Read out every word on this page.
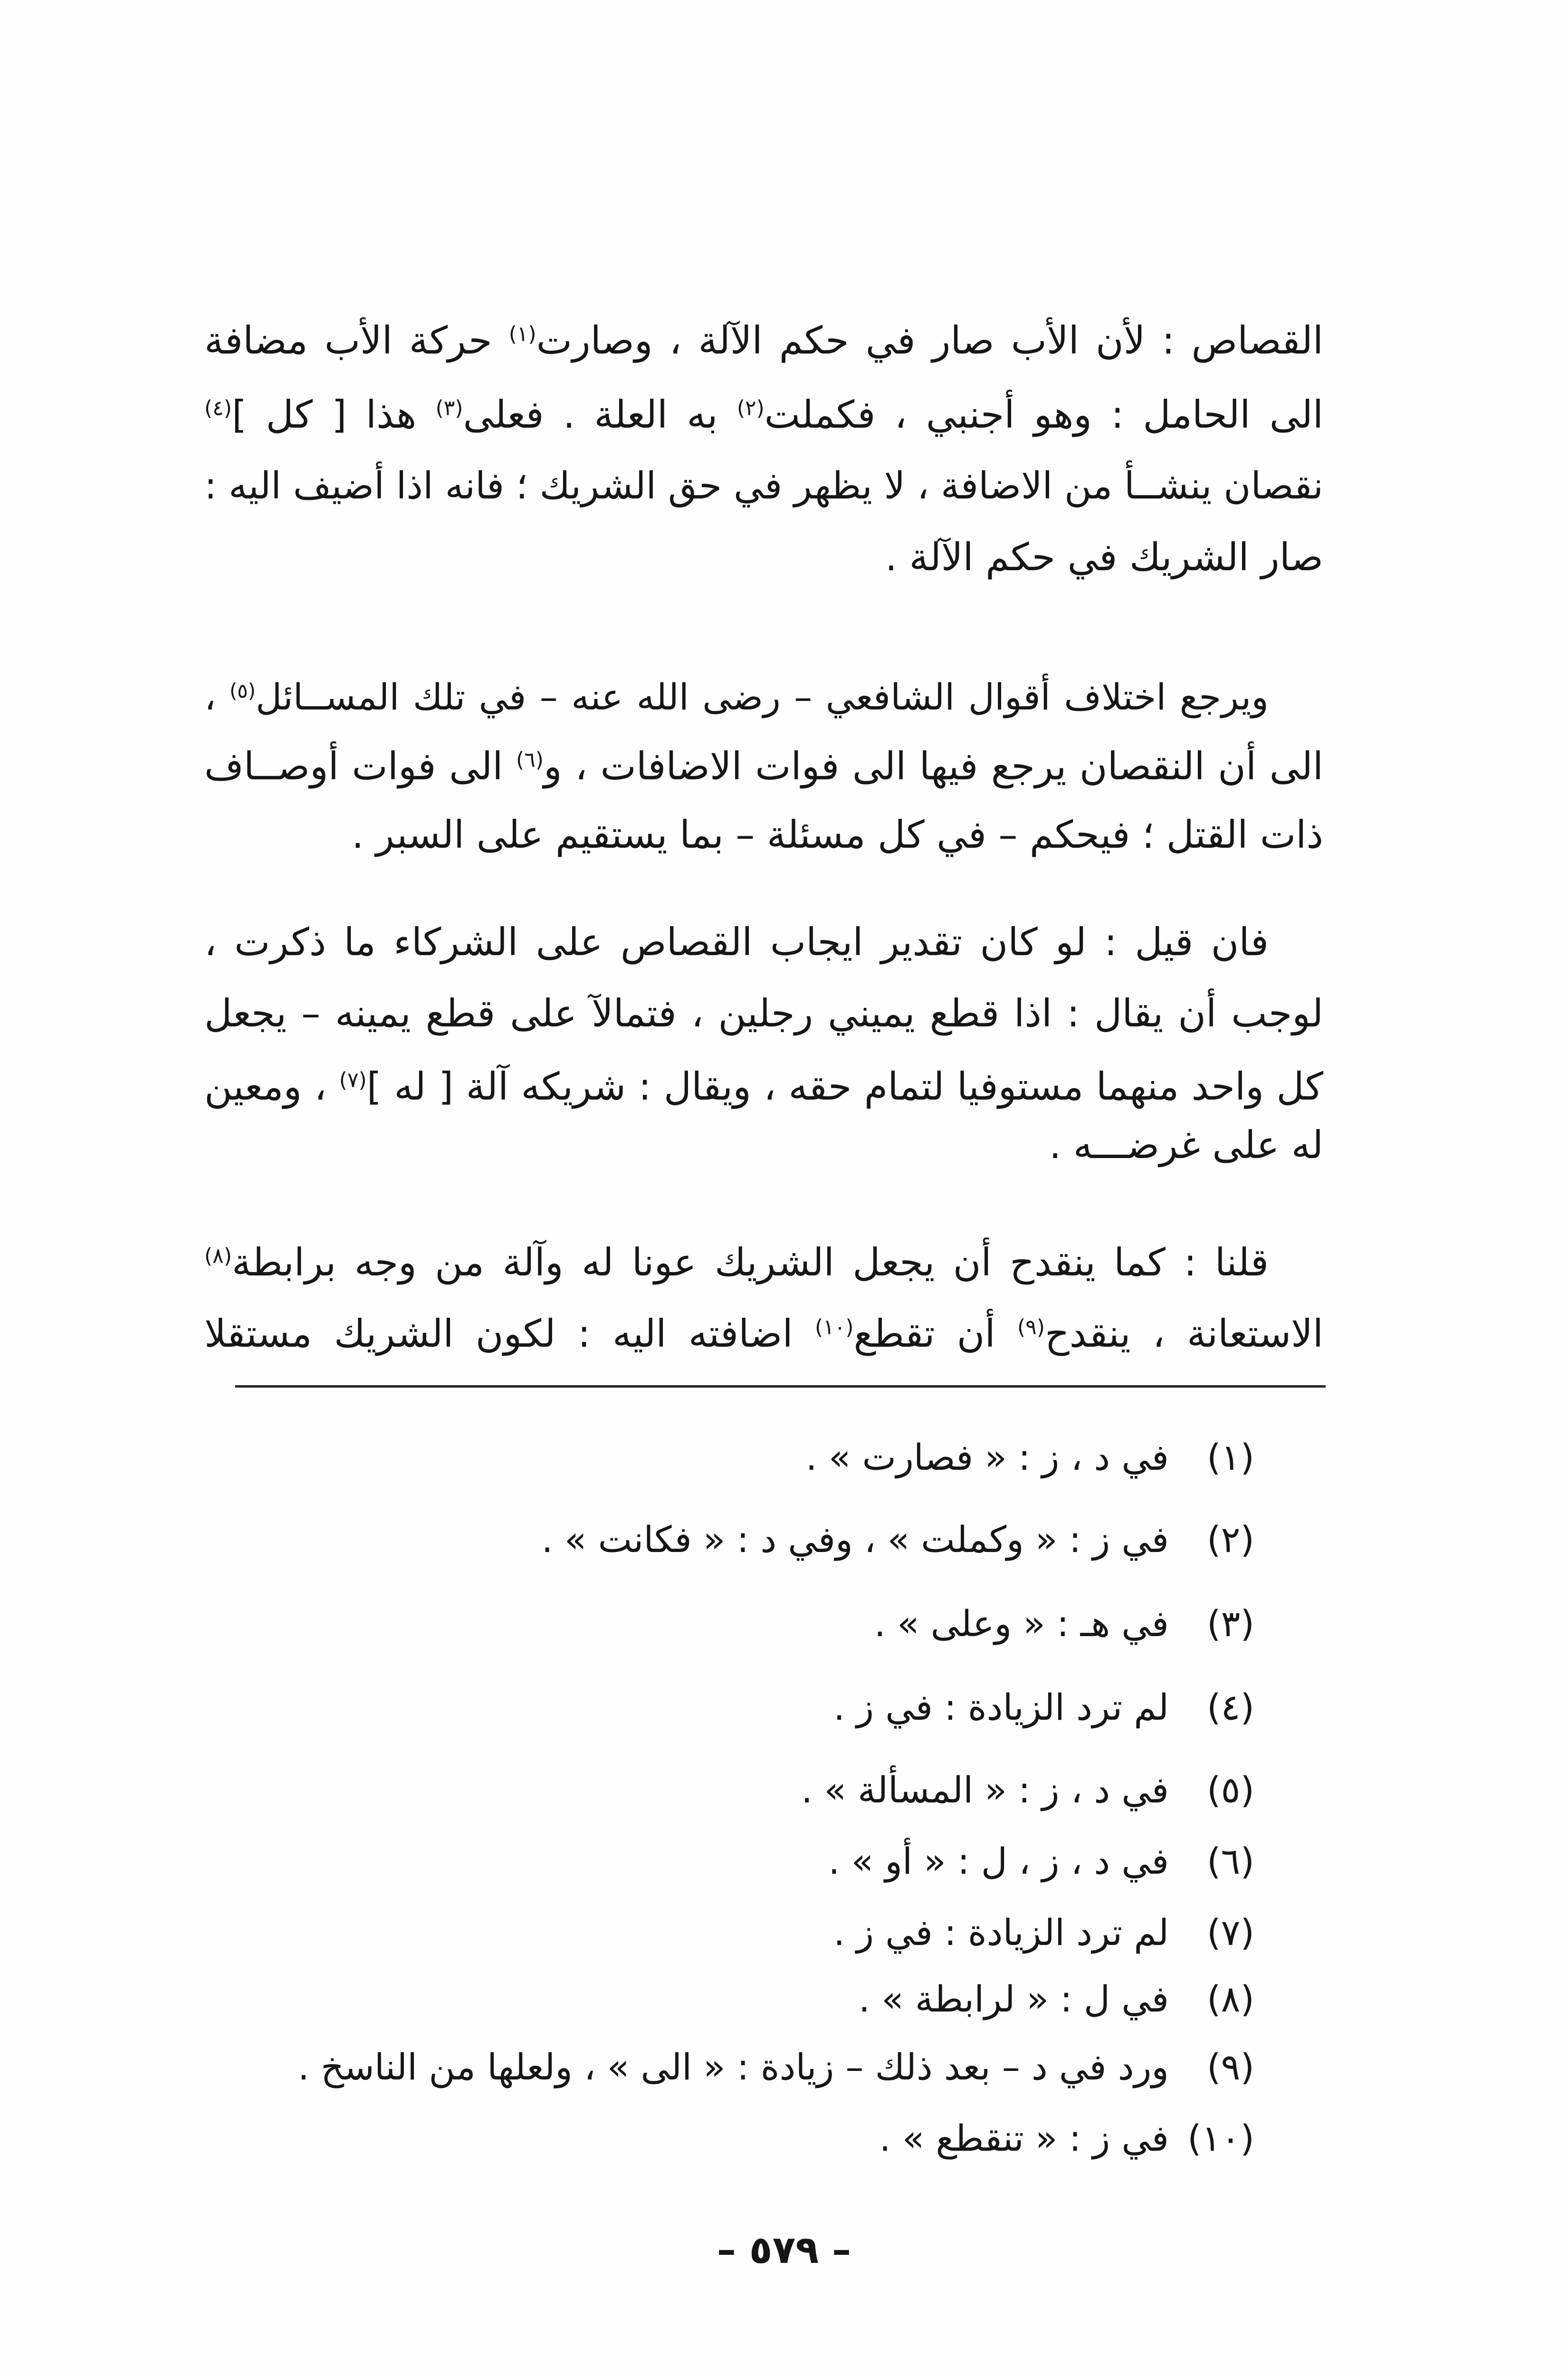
القصاص : لأن الأب صار في حكم الآلة ، وصارت$^{(١)}$ حركة الأب مضافة
الى الحامل : وهو أجنبي ، فكملت$^{(٢)}$ به العلة . فعلى$^{(٣)}$ هذا [ كل ]$^{(٤)}$
نقصان ينشــأ من الاضافة ، لا يظهر في حق الشريك ؛ فانه اذا أضيف اليه :
صار الشريك في حكم الآلة .
ويرجع اختلاف أقوال الشافعي – رضى الله عنه – في تلك المســائل$^{(٥)}$ ،
الى أن النقصان يرجع فيها الى فوات الاضافات ، و$^{(٦)}$ الى فوات أوصــاف
ذات القتل ؛ فيحكم – في كل مسئلة – بما يستقيم على السبر .
فان قيل : لو كان تقدير ايجاب القصاص على الشركاء ما ذكرت ،
لوجب أن يقال : اذا قطع يميني رجلين ، فتمالآ على قطع يمينه – يجعل
كل واحد منهما مستوفيا لتمام حقه ، ويقال : شريكه آلة [ له ]$^{(٧)}$ ، ومعين
له على غرضـــه .
قلنا : كما ينقدح أن يجعل الشريك عونا له وآلة من وجه برابطة$^{(٨)}$
الاستعانة ، ينقدح$^{(٩)}$ أن تقطع$^{(١٠)}$ اضافته اليه : لكون الشريك مستقلا
(١)في د ، ز : « فصارت » .
(٢)في ز : « وكملت » ، وفي د : « فكانت » .
(٣)في هـ : « وعلى » .
(٤)لم ترد الزيادة : في ز .
(٥)في د ، ز : « المسألة » .
(٦)في د ، ز ، ل : « أو » .
(٧)لم ترد الزيادة : في ز .
(٨)في ل : « لرابطة » .
(٩)ورد في د – بعد ذلك – زيادة : « الى » ، ولعلها من الناسخ .
(١٠)في ز : « تنقطع » .
– ٥٧٩ –
